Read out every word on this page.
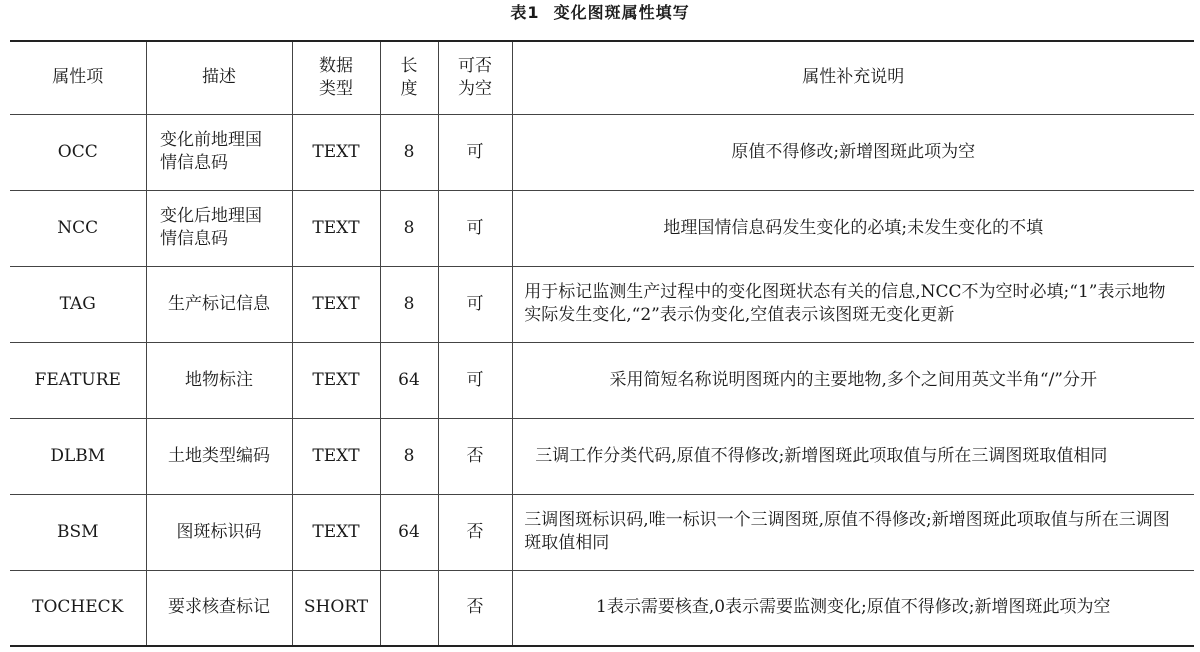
表1 变化图斑属性填写
属性项	描述	数据类型	长度	可否为空	属性补充说明
OCC	变化前地理国情信息码	TEXT	8	可	原值不得修改;新增图斑此项为空
NCC	变化后地理国情信息码	TEXT	8	可	地理国情信息码发生变化的必填;未发生变化的不填
TAG	生产标记信息	TEXT	8	可	用于标记监测生产过程中的变化图斑状态有关的信息,NCC不为空时必填;“1”表示地物实际发生变化,“2”表示伪变化,空值表示该图斑无变化更新
FEATURE	地物标注	TEXT	64	可	采用简短名称说明图斑内的主要地物,多个之间用英文半角“/”分开
DLBM	土地类型编码	TEXT	8	否	三调工作分类代码,原值不得修改;新增图斑此项取值与所在三调图斑取值相同
BSM	图斑标识码	TEXT	64	否	三调图斑标识码,唯一标识一个三调图斑,原值不得修改;新增图斑此项取值与所在三调图斑取值相同
TOCHECK	要求核查标记	SHORT		否	1表示需要核查,0表示需要监测变化;原值不得修改;新增图斑此项为空
